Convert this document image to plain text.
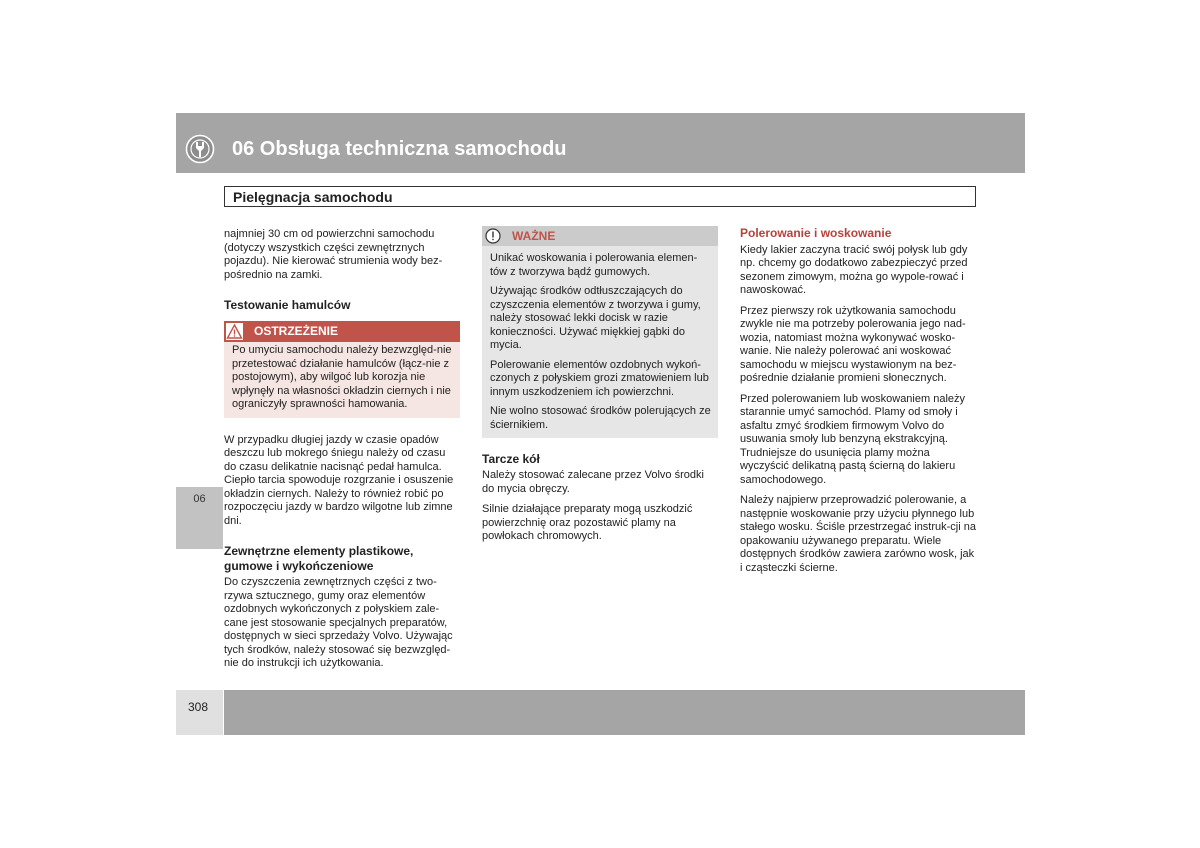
06 Obsługa techniczna samochodu
Pielęgnacja samochodu
06

najmniej 30 cm od powierzchni samochodu (dotyczy wszystkich części zewnętrznych pojazdu). Nie kierować strumienia wody bez-pośrednio na zamki.

Testowanie hamulców
OSTRZEŻENIE

Po umyciu samochodu należy bezwzględ-nie przetestować działanie hamulców (łącz-nie z postojowym), aby wilgoć lub korozja nie wpłynęły na własności okładzin ciernych i nie ograniczyły sprawności hamowania.

W przypadku długiej jazdy w czasie opadów deszczu lub mokrego śniegu należy od czasu do czasu delikatnie nacisnąć pedał hamulca. Ciepło tarcia spowoduje rozgrzanie i osuszenie okładzin ciernych. Należy to również robić po rozpoczęciu jazdy w bardzo wilgotne lub zimne dni.

Zewnętrzne elementy plastikowe, gumowe i wykończeniowe

Do czyszczenia zewnętrznych części z two-rzywa sztucznego, gumy oraz elementów ozdobnych wykończonych z połyskiem zale-cane jest stosowanie specjalnych preparatów, dostępnych w sieci sprzedaży Volvo. Używając tych środków, należy stosować się bezwzględ-nie do instrukcji ich użytkowania.

WAŻNE

Unikać woskowania i polerowania elemen-tów z tworzywa bądź gumowych.

Używając środków odtłuszczających do czyszczenia elementów z tworzywa i gumy, należy stosować lekki docisk w razie konieczności. Używać miękkiej gąbki do mycia.

Polerowanie elementów ozdobnych wykoń-czonych z połyskiem grozi zmatowieniem lub innym uszkodzeniem ich powierzchni.

Nie wolno stosować środków polerujących ze ściernikiem.

Tarcze kół

Należy stosować zalecane przez Volvo środki do mycia obręczy.

Silnie działające preparaty mogą uszkodzić powierzchnię oraz pozostawić plamy na powłokach chromowych.

Polerowanie i woskowanie

Kiedy lakier zaczyna tracić swój połysk lub gdy np. chcemy go dodatkowo zabezpieczyć przed sezonem zimowym, można go wypole-rować i nawoskować.

Przez pierwszy rok użytkowania samochodu zwykle nie ma potrzeby polerowania jego nad-wozia, natomiast można wykonywać wosko-wanie. Nie należy polerować ani woskować samochodu w miejscu wystawionym na bez-pośrednie działanie promieni słonecznych.

Przed polerowaniem lub woskowaniem należy starannie umyć samochód. Plamy od smoły i asfaltu zmyć środkiem firmowym Volvo do usuwania smoły lub benzyną ekstrakcyjną. Trudniejsze do usunięcia plamy można wyczyścić delikatną pastą ścierną do lakieru samochodowego.

Należy najpierw przeprowadzić polerowanie, a następnie woskowanie przy użyciu płynnego lub stałego wosku. Ściśle przestrzegać instruk-cji na opakowaniu używanego preparatu. Wiele dostępnych środków zawiera zarówno wosk, jak i cząsteczki ścierne.

308
